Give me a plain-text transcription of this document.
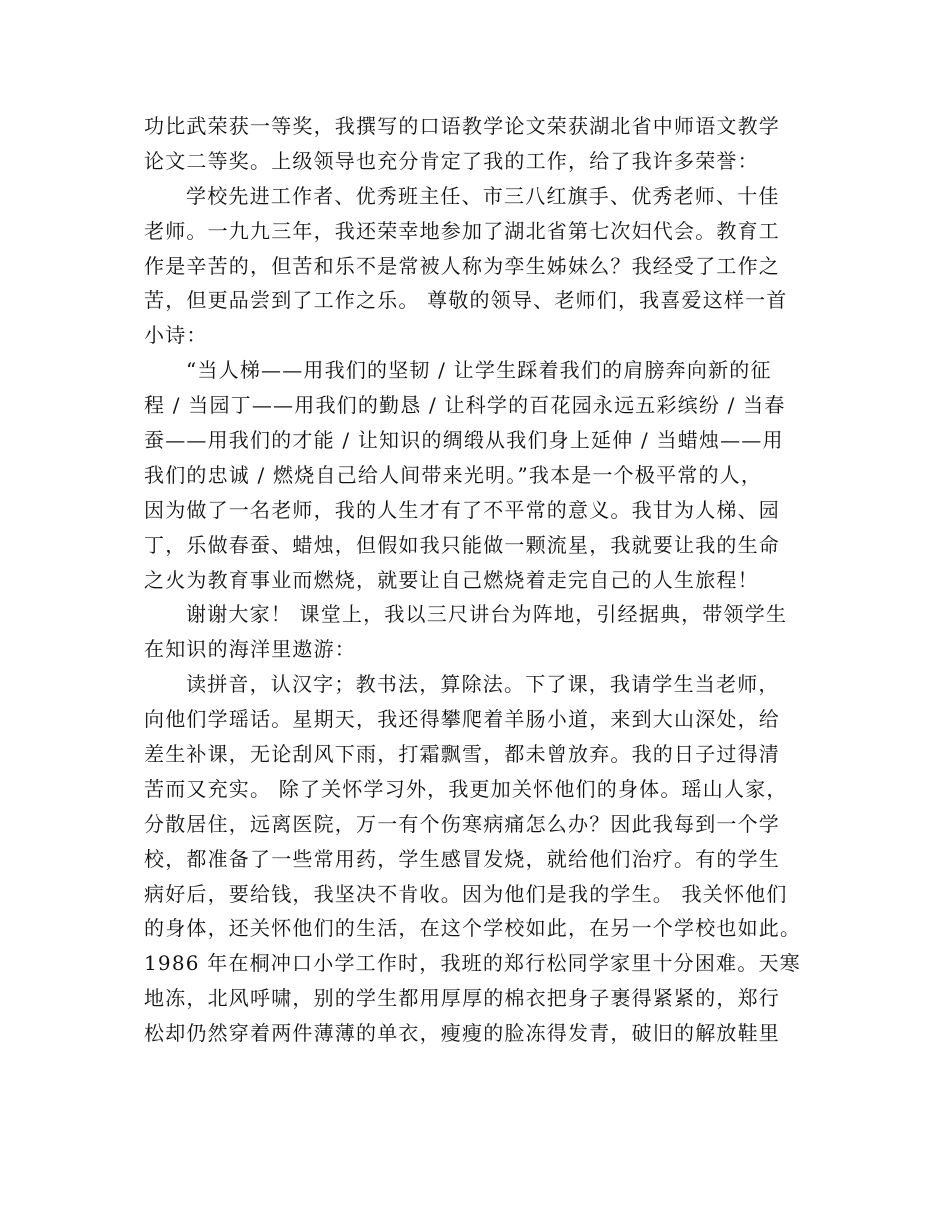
功比武荣获一等奖，我撰写的口语教学论文荣获湖北省中师语文教学
论文二等奖。上级领导也充分肯定了我的工作，给了我许多荣誉：
学校先进工作者、优秀班主任、市三八红旗手、优秀老师、十佳
老师。一九九三年，我还荣幸地参加了湖北省第七次妇代会。教育工
作是辛苦的，但苦和乐不是常被人称为孪生姊妹么？我经受了工作之
苦，但更品尝到了工作之乐。 尊敬的领导、老师们，我喜爱这样一首
小诗：
“当人梯——用我们的坚韧 / 让学生踩着我们的肩膀奔向新的征
程 / 当园丁——用我们的勤恳 / 让科学的百花园永远五彩缤纷 / 当春
蚕——用我们的才能 / 让知识的绸缎从我们身上延伸 / 当蜡烛——用
我们的忠诚 / 燃烧自己给人间带来光明。”我本是一个极平常的人，
因为做了一名老师，我的人生才有了不平常的意义。我甘为人梯、园
丁，乐做春蚕、蜡烛，但假如我只能做一颗流星，我就要让我的生命
之火为教育事业而燃烧，就要让自己燃烧着走完自己的人生旅程！
谢谢大家！ 课堂上，我以三尺讲台为阵地，引经据典，带领学生
在知识的海洋里遨游：
读拼音，认汉字；教书法，算除法。下了课，我请学生当老师，
向他们学瑶话。星期天，我还得攀爬着羊肠小道，来到大山深处，给
差生补课，无论刮风下雨，打霜飘雪，都未曾放弃。我的日子过得清
苦而又充实。 除了关怀学习外，我更加关怀他们的身体。瑶山人家，
分散居住，远离医院，万一有个伤寒病痛怎么办？因此我每到一个学
校，都准备了一些常用药，学生感冒发烧，就给他们治疗。有的学生
病好后，要给钱，我坚决不肯收。因为他们是我的学生。 我关怀他们
的身体，还关怀他们的生活，在这个学校如此，在另一个学校也如此。
1986 年在桐冲口小学工作时，我班的郑行松同学家里十分困难。天寒
地冻，北风呼啸，别的学生都用厚厚的棉衣把身子裹得紧紧的，郑行
松却仍然穿着两件薄薄的单衣，瘦瘦的脸冻得发青，破旧的解放鞋里
